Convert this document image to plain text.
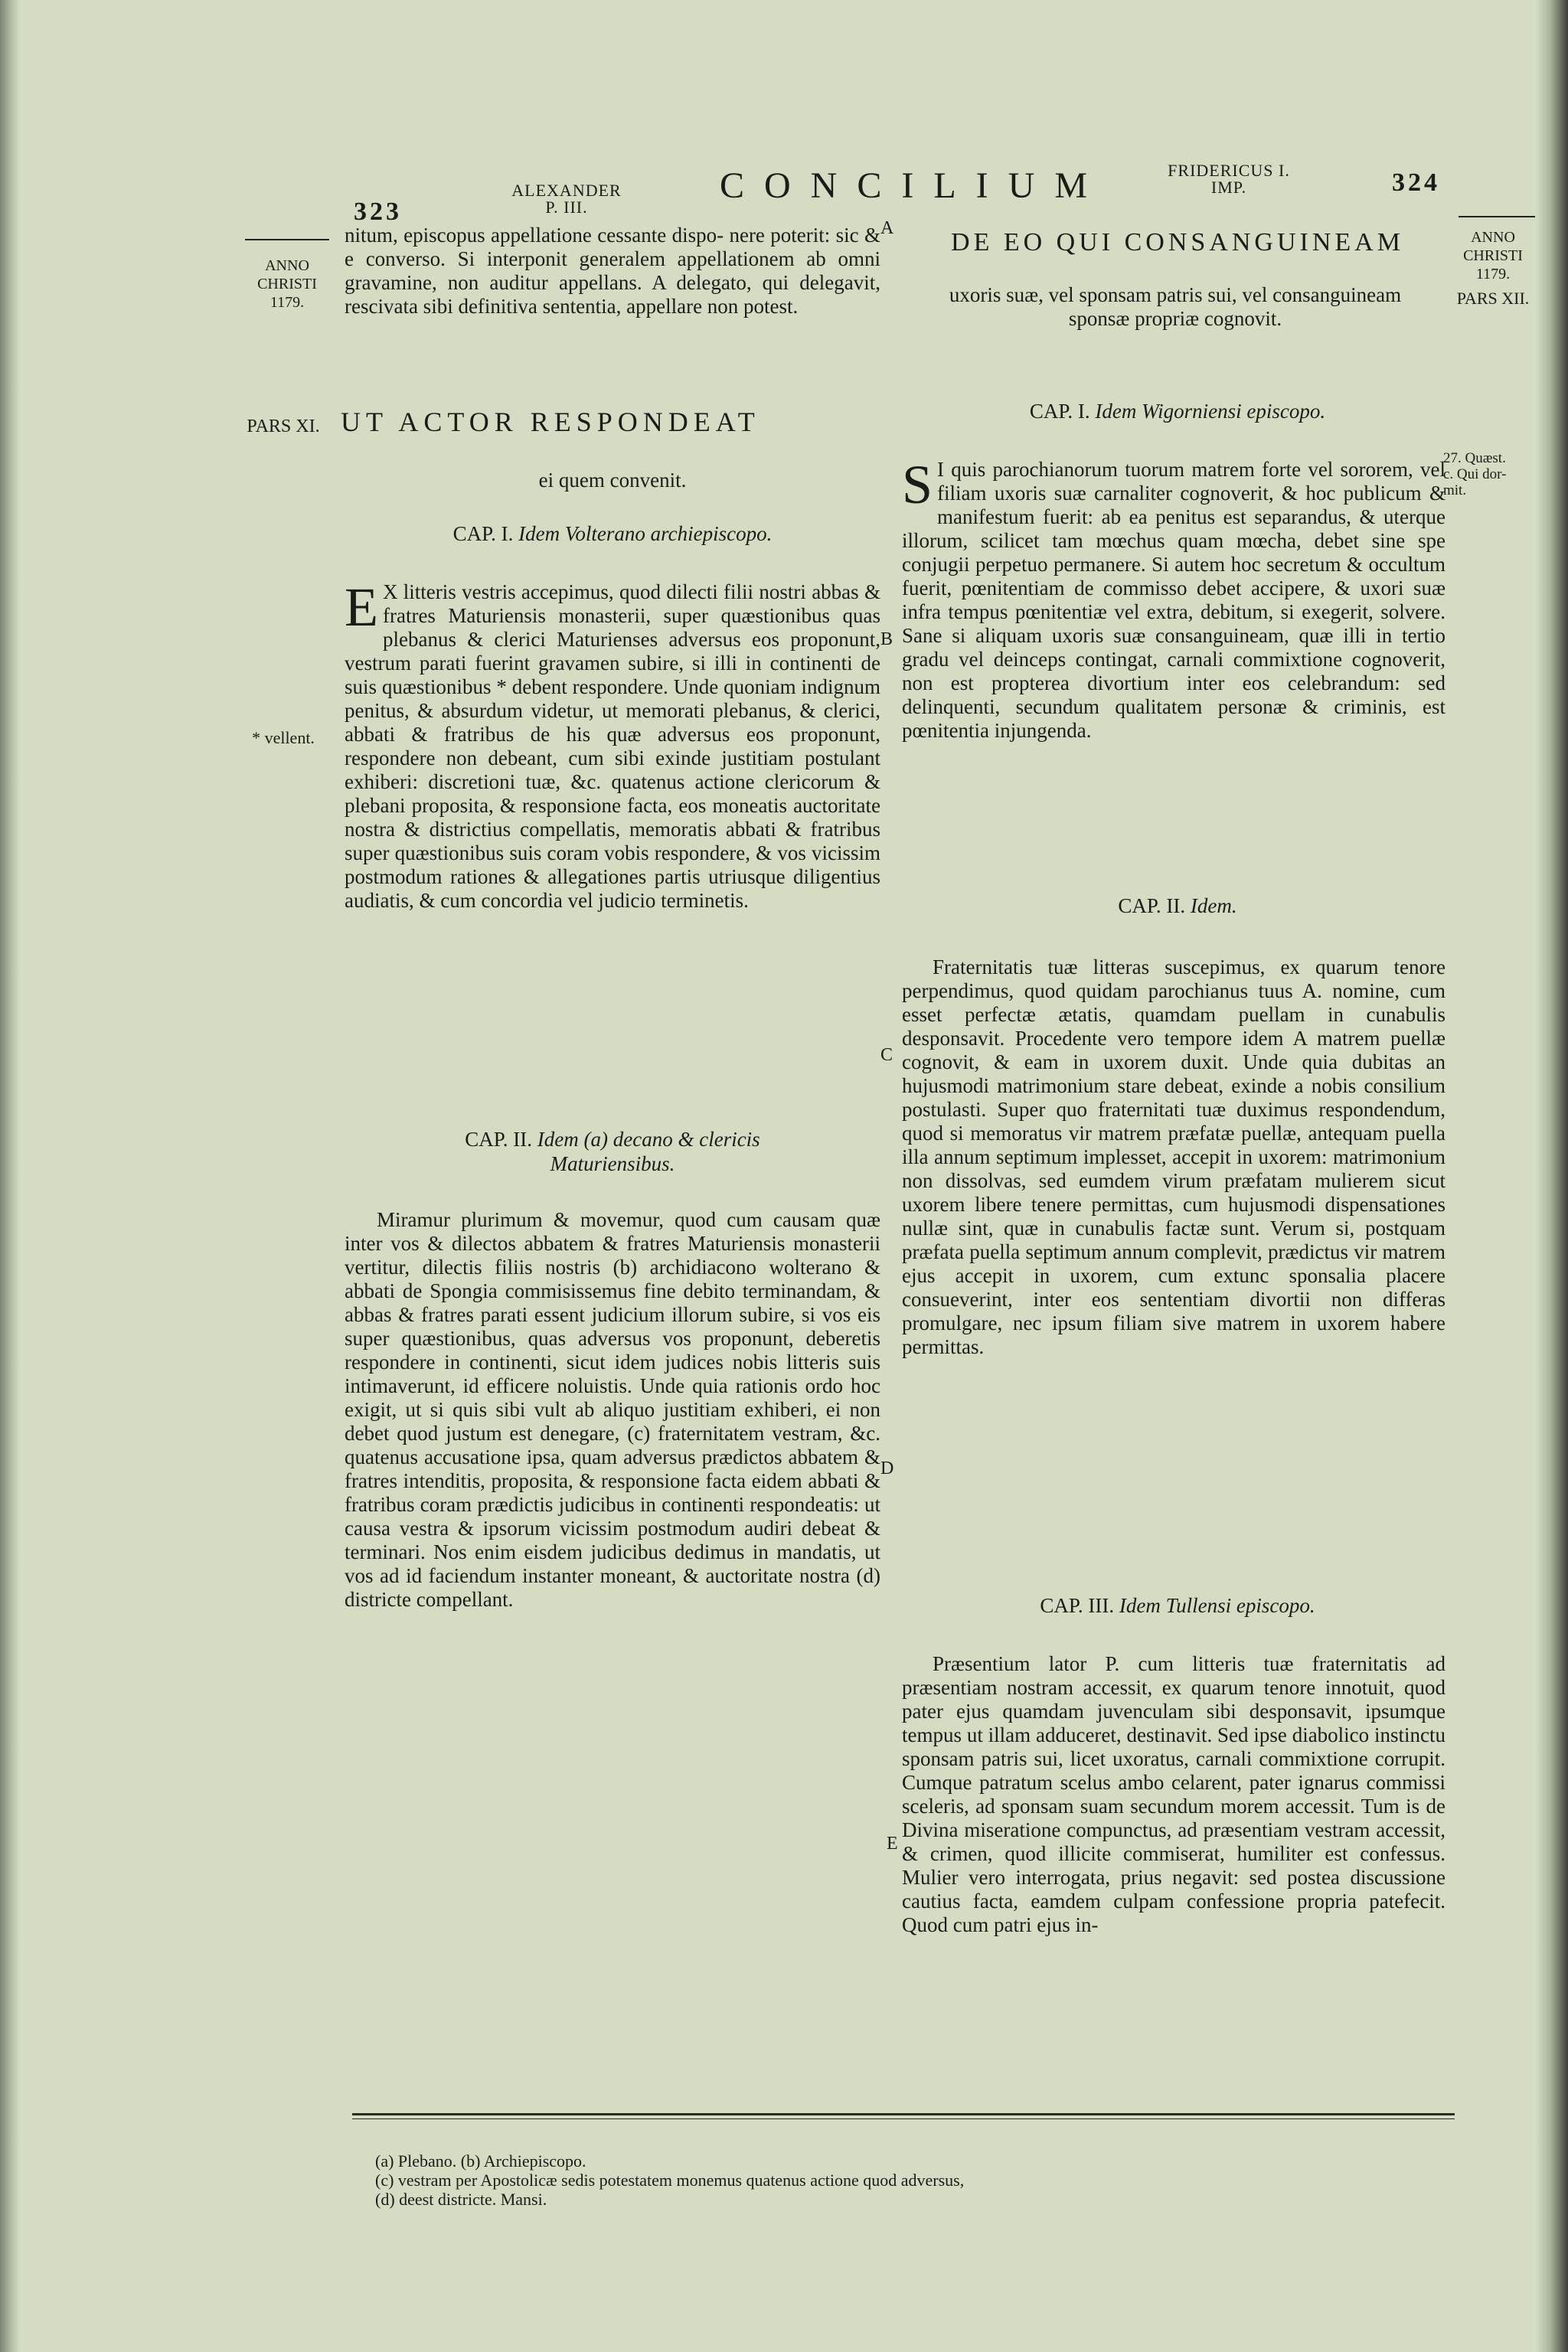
323
ALEXANDER
P. III.
CONCILIUM	FRIDERICUS I.
IMP.	324
ANNO
CHRISTI
1179.
PARS XI.
* vellent.
ANNO
CHRISTI
1179.
PARS XII.
27. Quæst.
c. Qui dor-
mit.
A
B
C
D
E
nitum, episcopus appellatione cessante dispo- nere poterit: sic & e converso. Si interponit generalem appellationem ab omni gravamine, non auditur appellans. A delegato, qui delegavit, rescivata sibi definitiva sententia, appellare non potest.
UT ACTOR RESPONDEAT
ei quem convenit.
CAP. I. Idem Volterano archiepiscopo.
E X litteris vestris accepimus, quod dilecti filii nostri abbas & fratres Maturiensis monasterii, super quæstionibus quas plebanus & clerici Maturienses adversus eos proponunt, vestrum parati fuerint gravamen subire, si illi in continenti de suis quæstionibus * debent respondere. Unde quoniam indignum penitus, & absurdum videtur, ut memorati plebanus, & clerici, abbati & fratribus de his quæ adversus eos proponunt, respondere non debeant, cum sibi exinde justitiam postulant exhiberi: discretioni tuæ, &c. quatenus actione clericorum & plebani proposita, & responsione facta, eos moneatis auctoritate nostra & districtius compellatis, memoratis abbati & fratribus super quæstionibus suis coram vobis respondere, & vos vicissim postmodum rationes & allegationes partis utriusque diligentius audiatis, & cum concordia vel judicio terminetis.
CAP. II. Idem (a) decano & clericis
Maturiensibus.
Miramur plurimum & movemur, quod cum causam quæ inter vos & dilectos abbatem & fratres Maturiensis monasterii vertitur, dilectis filiis nostris (b) archidiacono wolterano & abbati de Spongia commisissemus fine debito terminandam, & abbas & fratres parati essent judicium illorum subire, si vos eis super quæstionibus, quas adversus vos proponunt, deberetis respondere in continenti, sicut idem judices nobis litteris suis intimaverunt, id efficere noluistis. Unde quia rationis ordo hoc exigit, ut si quis sibi vult ab aliquo justitiam exhiberi, ei non debet quod justum est denegare, (c) fraternitatem vestram, &c. quatenus accusatione ipsa, quam adversus prædictos abbatem & fratres intenditis, proposita, & responsione facta eidem abbati & fratribus coram prædictis judicibus in continenti respondeatis: ut causa vestra & ipsorum vicissim postmodum audiri debeat & terminari. Nos enim eisdem judicibus dedimus in mandatis, ut vos ad id faciendum instanter moneant, & auctoritate nostra (d) districte compellant.
DE EO QUI CONSANGUINEAM
uxoris suæ, vel sponsam patris sui, vel consanguineam sponsæ propriæ cognovit.
CAP. I. Idem Wigorniensi episcopo.
S I quis parochianorum tuorum matrem forte vel sororem, vel filiam uxoris suæ carnaliter cognoverit, & hoc publicum & manifestum fuerit: ab ea penitus est separandus, & uterque illorum, scilicet tam mœchus quam mœcha, debet sine spe conjugii perpetuo permanere. Si autem hoc secretum & occultum fuerit, pœnitentiam de commisso debet accipere, & uxori suæ infra tempus pœnitentiæ vel extra, debitum, si exegerit, solvere. Sane si aliquam uxoris suæ consanguineam, quæ illi in tertio gradu vel deinceps contingat, carnali commixtione cognoverit, non est propterea divortium inter eos celebrandum: sed delinquenti, secundum qualitatem personæ & criminis, est pœnitentia injungenda.
CAP. II. Idem.
Fraternitatis tuæ litteras suscepimus, ex quarum tenore perpendimus, quod quidam parochianus tuus A. nomine, cum esset perfectæ ætatis, quamdam puellam in cunabulis desponsavit. Procedente vero tempore idem A matrem puellæ cognovit, & eam in uxorem duxit. Unde quia dubitas an hujusmodi matrimonium stare debeat, exinde a nobis consilium postulasti. Super quo fraternitati tuæ duximus respondendum, quod si memoratus vir matrem præfatæ puellæ, antequam puella illa annum septimum implesset, accepit in uxorem: matrimonium non dissolvas, sed eumdem virum præfatam mulierem sicut uxorem libere tenere permittas, cum hujusmodi dispensationes nullæ sint, quæ in cunabulis factæ sunt. Verum si, postquam præfata puella septimum annum complevit, prædictus vir matrem ejus accepit in uxorem, cum extunc sponsalia placere consueverint, inter eos sententiam divortii non differas promulgare, nec ipsum filiam sive matrem in uxorem habere permittas.
CAP. III. Idem Tullensi episcopo.
Præsentium lator P. cum litteris tuæ fraternitatis ad præsentiam nostram accessit, ex quarum tenore innotuit, quod pater ejus quamdam juvenculam sibi desponsavit, ipsumque tempus ut illam adduceret, destinavit. Sed ipse diabolico instinctu sponsam patris sui, licet uxoratus, carnali commixtione corrupit. Cumque patratum scelus ambo celarent, pater ignarus commissi sceleris, ad sponsam suam secundum morem accessit. Tum is de Divina miseratione compunctus, ad præsentiam vestram accessit, & crimen, quod illicite commiserat, humiliter est confessus. Mulier vero interrogata, prius negavit: sed postea discussione cautius facta, eamdem culpam confessione propria patefecit. Quod cum patri ejus in-
(a) Plebano. (b) Archiepiscopo.
(c) vestram per Apostolicæ sedis potestatem monemus quatenus actione quod adversus,
(d) deest districte. Mansi.
